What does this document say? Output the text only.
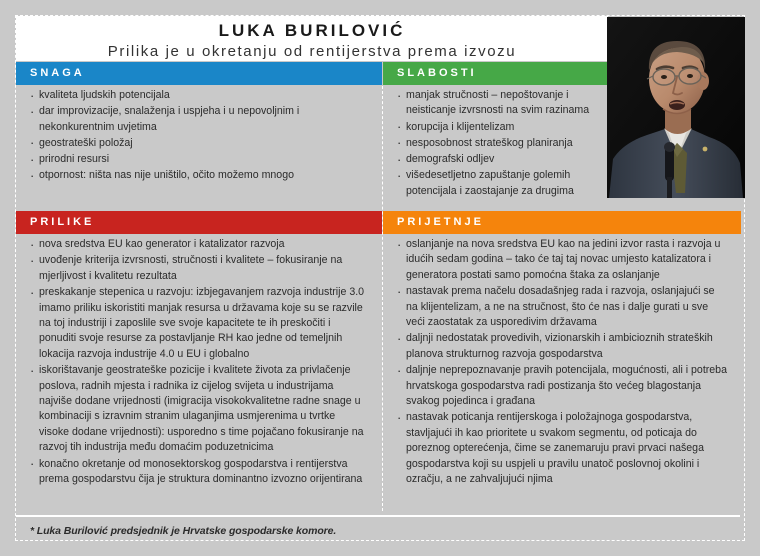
LUKA BURILOVIĆ
Prilika je u okretanju od rentijerstva prema izvozu
SNAGA
· kvaliteta ljudskih potencijala
· dar improvizacije, snalaženja i uspjeha i u nepovoljnim i nekonkurentnim uvjetima
· geostrateški položaj
· prirodni resursi
· otpornost: ništa nas nije uništilo, očito možemo mnogo
SLABOSTI
· manjak stručnosti – nepoštovanje i neisticanje izvrsnosti na svim razinama
· korupcija i klijentelizam
· nesposobnost strateškog planiranja
· demografski odljev
· višedesetljetno zapuštanje golemih potencijala i zaostajanje za drugima
PRILIKE
· nova sredstva EU kao generator i katalizator razvoja
· uvođenje kriterija izvrsnosti, stručnosti i kvalitete – fokusiranje na mjerljivost i kvalitetu rezultata
· preskakanje stepenica u razvoju: izbjegavanjem razvoja industrije 3.0 imamo priliku iskoristiti manjak resursa u državama koje su se razvile na toj industriji i zaposlile sve svoje kapacitete te ih preskočiti i ponuditi svoje resurse za postavljanje RH kao jedne od temeljnih lokacija razvoja industrije 4.0 u EU i globalno
· iskorištavanje geostrateške pozicije i kvalitete života za privlačenje poslova, radnih mjesta i radnika iz cijelog svijeta u industrijama najviše dodane vrijednosti (imigracija visokokvalitetne radne snage u kombinaciji s izravnim stranim ulaganjima usmjerenima u tvrtke visoke dodane vrijednosti): usporedno s time pojačano fokusiranje na razvoj tih industrija među domaćim poduzetnicima
· konačno okretanje od monosektorskog gospodarstva i rentijerstva prema gospodarstvu čija je struktura dominantno izvozno orijentirana
PRIJETNJE
· oslanjanje na nova sredstva EU kao na jedini izvor rasta i razvoja u idućih sedam godina – tako će taj taj novac umjesto katalizatora i generatora postati samo pomoćna štaka za oslanjanje
· nastavak prema načelu dosadašnjeg rada i razvoja, oslanjajući se na klijentelizam, a ne na stručnost, što će nas i dalje gurati u sve veći zaostatak za usporedivim državama
· daljnji nedostatak provedivih, vizionarskih i ambicioznih strateških planova strukturnog razvoja gospodarstva
· daljnje neprepoznavanje pravih potencijala, mogućnosti, ali i potreba hrvatskoga gospodarstva radi postizanja što većeg blagostanja svakog pojedinca i građana
· nastavak poticanja rentijerskoga i položajnoga gospodarstva, stavljajući ih kao prioritete u svakom segmentu, od poticaja do poreznog opterećenja, čime se zanemaruju pravi prvaci našega gospodarstva koji su uspjeli u pravilu unatoč poslovnoj okolini i ozračju, a ne zahvaljujući njima
* Luka Burilović predsjednik je Hrvatske gospodarske komore.
